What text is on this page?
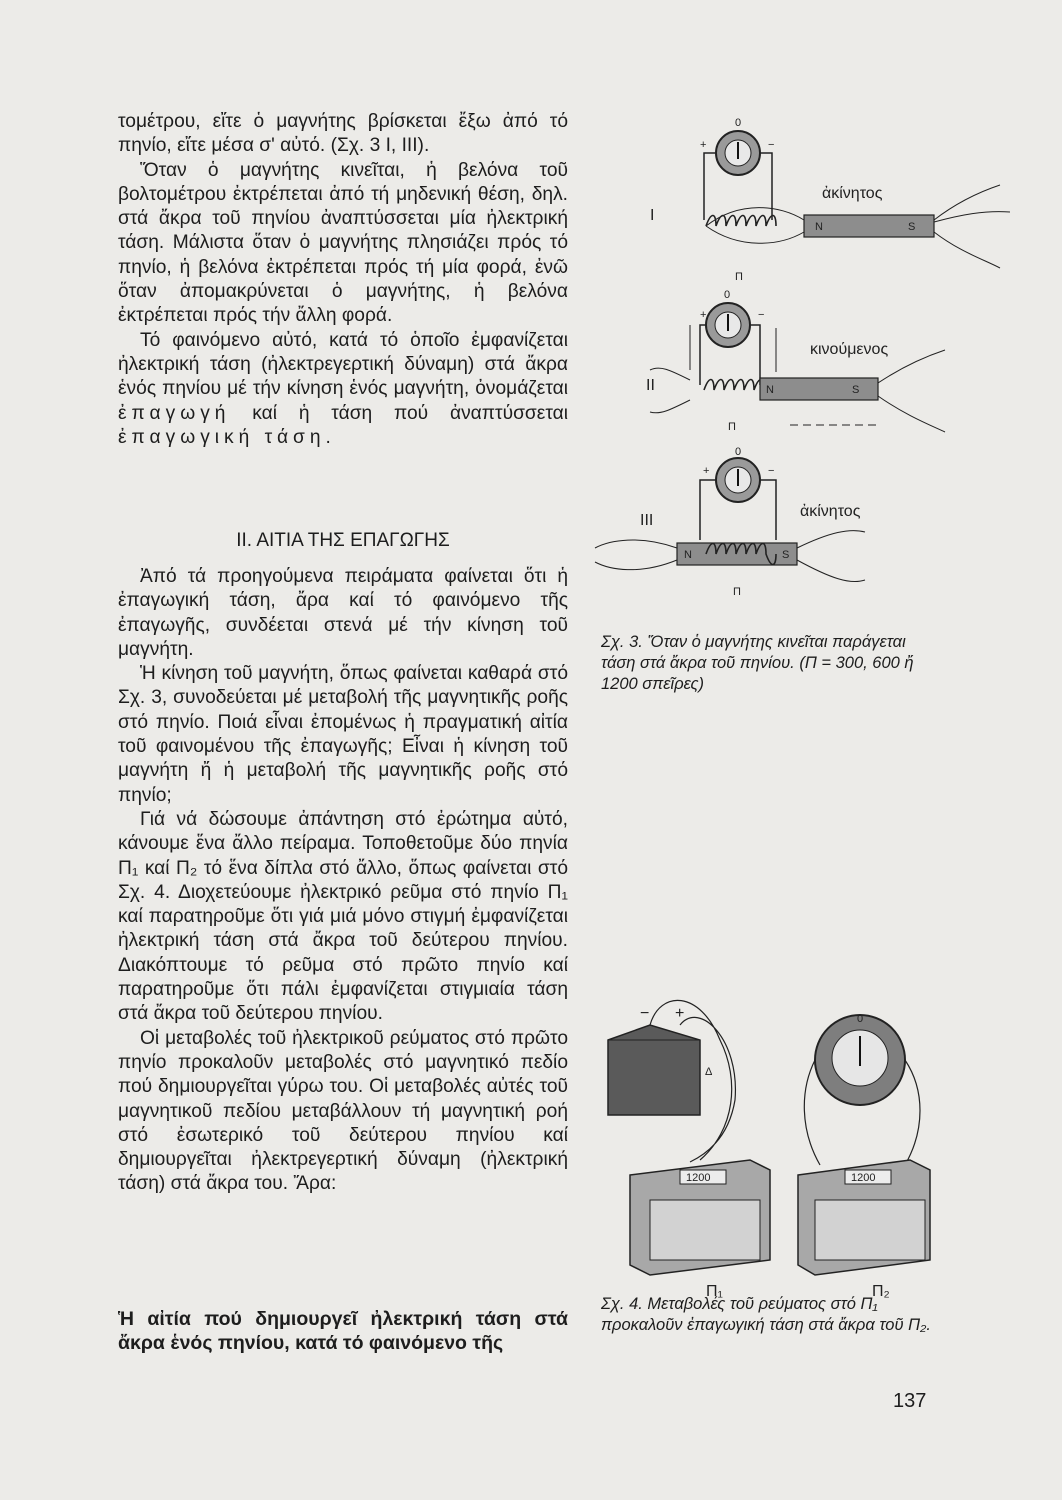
τομέτρου, εἴτε ὁ μαγνήτης βρίσκεται ἔξω ἀπό τό πηνίο, εἴτε μέσα σ' αὐτό. (Σχ. 3 Ι, ΙΙΙ).

Ὅταν ὁ μαγνήτης κινεῖται, ἡ βελόνα τοῦ βολτομέτρου ἐκτρέπεται ἀπό τή μηδενική θέση, δηλ. στά ἄκρα τοῦ πηνίου ἀναπτύσσεται μία ἠλεκτρική τάση. Μάλιστα ὅταν ὁ μαγνήτης πλησιάζει πρός τό πηνίο, ἡ βελόνα ἐκτρέπεται πρός τή μία φορά, ἐνῶ ὅταν ἀπομακρύνεται ὁ μαγνήτης, ἡ βελόνα ἐκτρέπεται πρός τήν ἄλλη φορά.

Τό φαινόμενο αὐτό, κατά τό ὁποῖο ἐμφανίζεται ἠλεκτρική τάση (ἠλεκτρεγερτική δύναμη) στά ἄκρα ἑνός πηνίου μέ τήν κίνηση ἑνός μαγνήτη, ὀνομάζεται ἐπαγωγή καί ἡ τάση πού ἀναπτύσσεται ἐπαγωγική τάση.

ΙΙ. ΑΙΤΙΑ ΤΗΣ ΕΠΑΓΩΓΗΣ

Ἀπό τά προηγούμενα πειράματα φαίνεται ὅτι ἡ ἐπαγωγική τάση, ἄρα καί τό φαινόμενο τῆς ἐπαγωγῆς, συνδέεται στενά μέ τήν κίνηση τοῦ μαγνήτη.

Ἡ κίνηση τοῦ μαγνήτη, ὅπως φαίνεται καθαρά στό Σχ. 3, συνοδεύεται μέ μεταβολή τῆς μαγνητικῆς ροῆς στό πηνίο. Ποιά εἶναι ἐπομένως ἡ πραγματική αἰτία τοῦ φαινομένου τῆς ἐπαγωγῆς; Εἶναι ἡ κίνηση τοῦ μαγνήτη ἤ ἡ μεταβολή τῆς μαγνητικῆς ροῆς στό πηνίο;

Γιά νά δώσουμε ἀπάντηση στό ἐρώτημα αὐτό, κάνουμε ἕνα ἄλλο πείραμα. Τοποθετοῦμε δύο πηνία Π₁ καί Π₂ τό ἕνα δίπλα στό ἄλλο, ὅπως φαίνεται στό Σχ. 4. Διοχετεύουμε ἠλεκτρικό ρεῦμα στό πηνίο Π₁ καί παρατηροῦμε ὅτι γιά μιά μόνο στιγμή ἐμφανίζεται ἠλεκτρική τάση στά ἄκρα τοῦ δεύτερου πηνίου. Διακόπτουμε τό ρεῦμα στό πρῶτο πηνίο καί παρατηροῦμε ὅτι πάλι ἐμφανίζεται στιγμιαία τάση στά ἄκρα τοῦ δεύτερου πηνίου.

Οἱ μεταβολές τοῦ ἠλεκτρικοῦ ρεύματος στό πρῶτο πηνίο προκαλοῦν μεταβολές στό μαγνητικό πεδίο πού δημιουργεῖται γύρω του. Οἱ μεταβολές αὐτές τοῦ μαγνητικοῦ πεδίου μεταβάλλουν τή μαγνητική ροή στό ἐσωτερικό τοῦ δεύτερου πηνίου καί δημιουργεῖται ἠλεκτρεγερτική δύναμη (ἠλεκτρική τάση) στά ἄκρα του. Ἄρα:

Ἡ αἰτία πού δημιουργεῖ ἠλεκτρική τάση στά ἄκρα ἑνός πηνίου, κατά τό φαινόμενο τῆς
0
+	−
N	S
I
ἀκίνητος
Π
0
+	−
N	S
II
κινούμενος
Π
0
+	−
N	S
III
ἀκίνητος
Π
− +
Δ
1200
Π₁
0
1200
Π₂
Σχ. 3. Ὅταν ὁ μαγνήτης κινεῖται παράγεται τάση στά ἄκρα τοῦ πηνίου. (Π = 300, 600 ἤ 1200 σπεῖρες)
Σχ. 4. Μεταβολές τοῦ ρεύματος στό Π₁ προκαλοῦν ἐπαγωγική τάση στά ἄκρα τοῦ Π₂.
137
